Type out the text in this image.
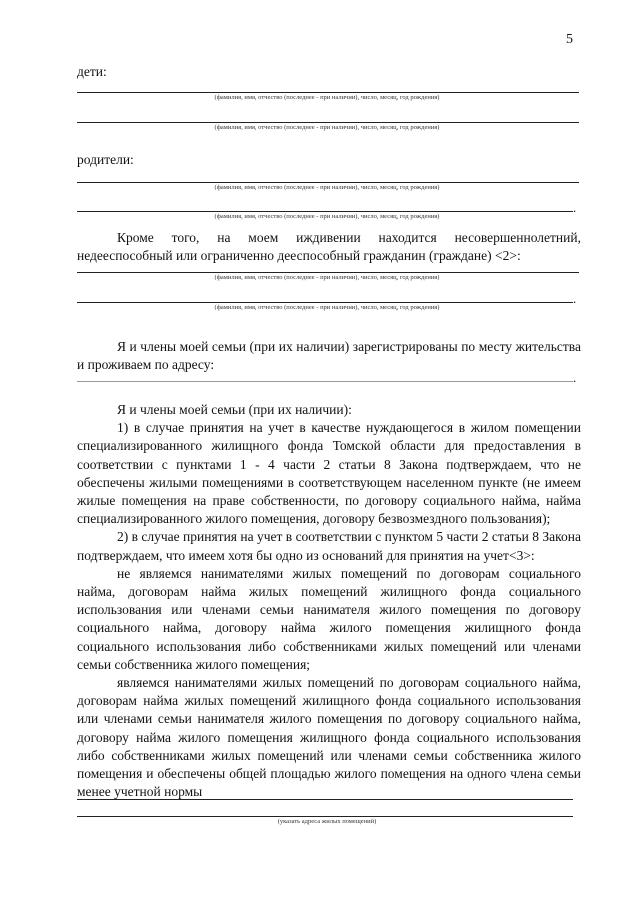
5
дети:
(фамилия, имя, отчество (последнее - при наличии), число, месяц, год рождения)
(фамилия, имя, отчество (последнее - при наличии), число, месяц, год рождения)
родители:
(фамилия, имя, отчество (последнее - при наличии), число, месяц, год рождения)
.
(фамилия, имя, отчество (последнее - при наличии), число, месяц, год рождения)

Кроме того, на моем иждивении находится несовершеннолетний, недееспособный или ограниченно дееспособный гражданин (граждане) <2>:

(фамилия, имя, отчество (последнее - при наличии), число, месяц, год рождения)
.
(фамилия, имя, отчество (последнее - при наличии), число, месяц, год рождения)

Я и члены моей семьи (при их наличии) зарегистрированы по месту жительства и проживаем по адресу:

.

Я и члены моей семьи (при их наличии):

1) в случае принятия на учет в качестве нуждающегося в жилом помещении специализированного жилищного фонда Томской области для предоставления в соответствии с пунктами 1 - 4 части 2 статьи 8 Закона подтверждаем, что не обеспечены жилыми помещениями в соответствующем населенном пункте (не имеем жилые помещения на праве собственности, по договору социального найма, найма специализированного жилого помещения, договору безвозмездного пользования);

2) в случае принятия на учет в соответствии с пунктом 5 части 2 статьи 8 Закона подтверждаем, что имеем хотя бы одно из оснований для принятия на учет<3>:

не являемся нанимателями жилых помещений по договорам социального найма, договорам найма жилых помещений жилищного фонда социального использования или членами семьи нанимателя жилого помещения по договору социального найма, договору найма жилого помещения жилищного фонда социального использования либо собственниками жилых помещений или членами семьи собственника жилого помещения;

являемся нанимателями жилых помещений по договорам социального найма, договорам найма жилых помещений жилищного фонда социального использования или членами семьи нанимателя жилого помещения по договору социального найма, договору найма жилого помещения жилищного фонда социального использования либо собственниками жилых помещений или членами семьи собственника жилого помещения и обеспечены общей площадью жилого помещения на одного члена семьи менее учетной нормы

(указать адреса жилых помещений)
